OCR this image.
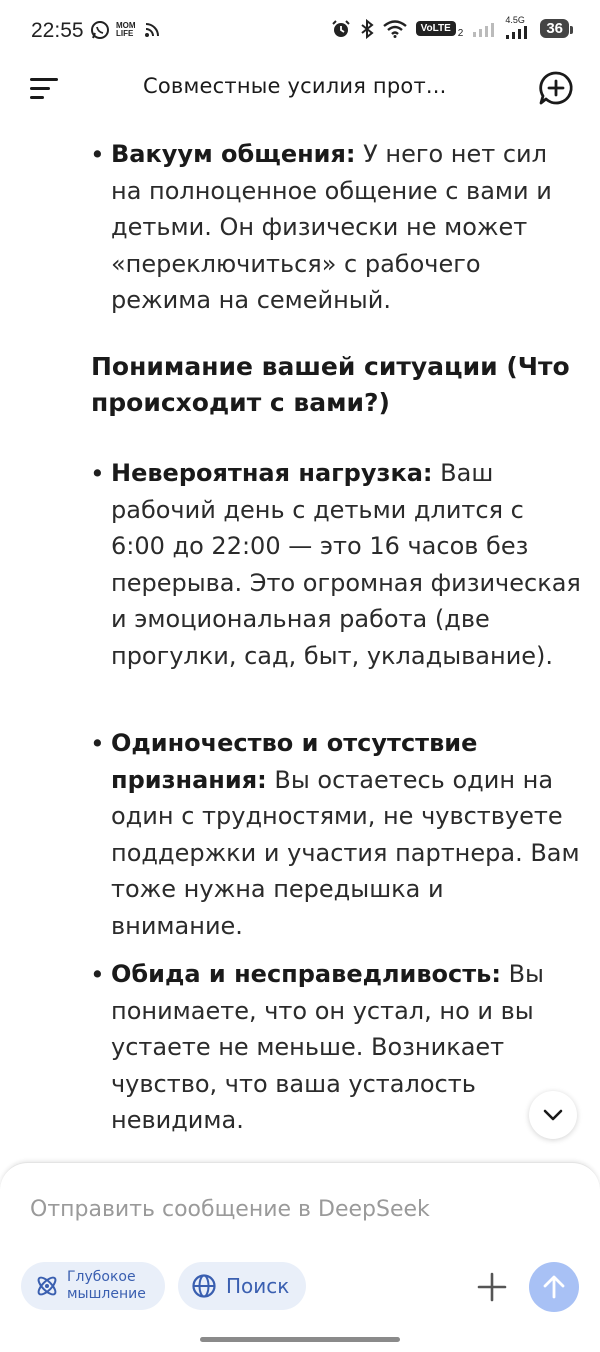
22:55	MOM LIFE	VoLTE 2
4.5G
36
Совместные усилия прот...
• Вакуум общения: У него нет сил на полноценное общение с вами и детьми. Он физически не может «переключиться» с рабочего режима на семейный.
Понимание вашей ситуации (Что происходит с вами?)
• Невероятная нагрузка: Ваш рабочий день с детьми длится с 6:00 до 22:00 — это 16 часов без перерыва. Это огромная физическая и эмоциональная работа (две прогулки, сад, быт, укладывание).
• Одиночество и отсутствие признания: Вы остаетесь один на один с трудностями, не чувствуете поддержки и участия партнера. Вам тоже нужна передышка и внимание.
• Обида и несправедливость: Вы понимаете, что он устал, но и вы устаете не меньше. Возникает чувство, что ваша усталость невидима.
Отправить сообщение в DeepSeek
Глубокое мышление	Поиск
